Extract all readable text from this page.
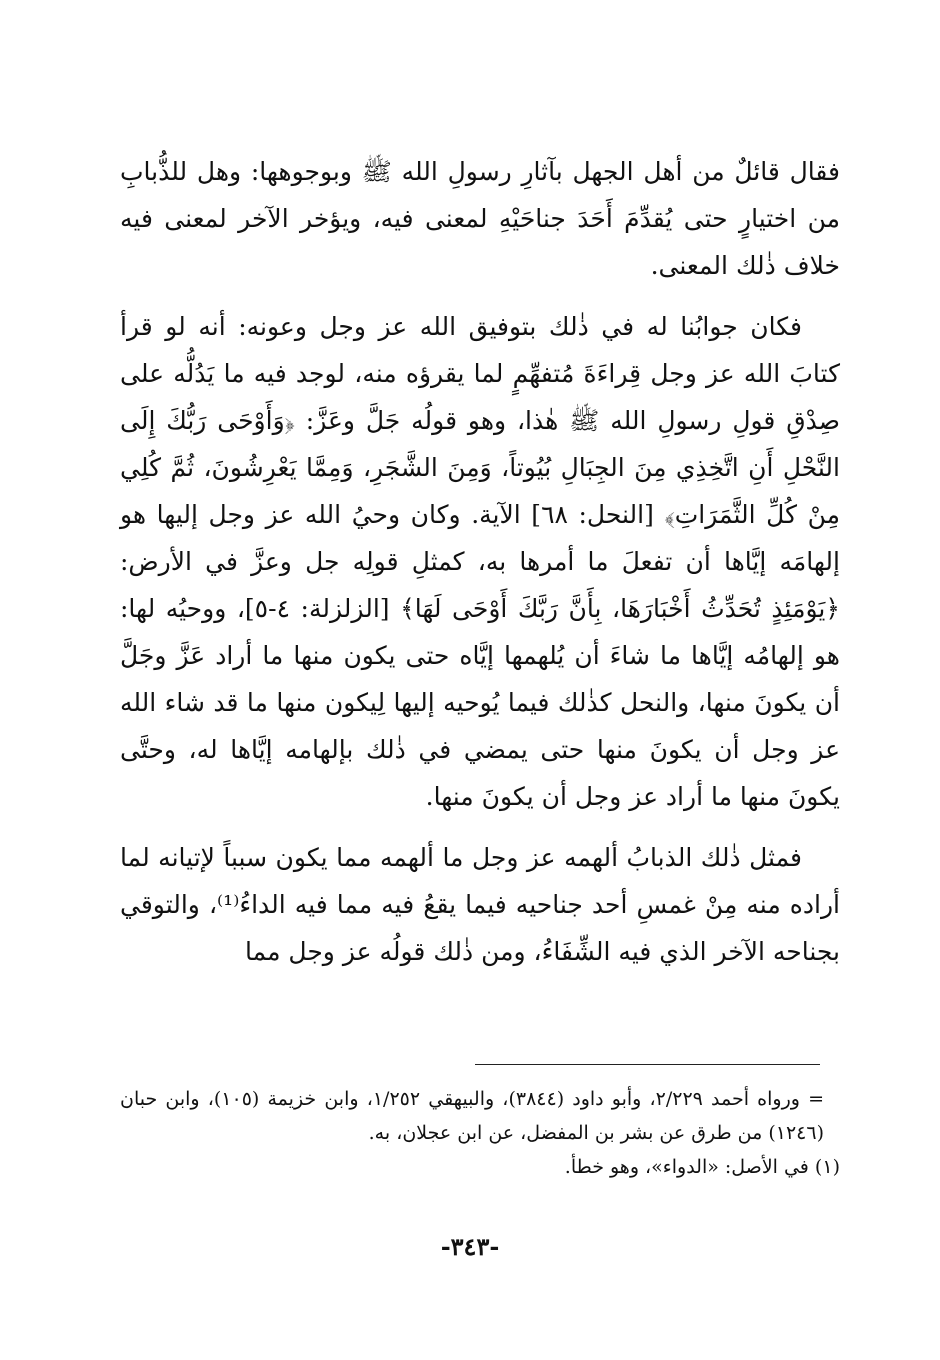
فقال قائلٌ من أهل الجهل بآثارِ رسولِ الله ﷺ وبوجوهها: وهل للذُّبابِ من اختيارٍ حتى يُقدِّمَ أَحَدَ جناحَيْهِ لمعنى فيه، ويؤخر الآخر لمعنى فيه خلاف ذٰلك المعنى.

فكان جوابُنا له في ذٰلك بتوفيق الله عز وجل وعونه: أنه لو قرأ كتابَ الله عز وجل قِراءَةَ مُتفهِّمٍ لما يقرؤه منه، لوجد فيه ما يَدُلُّه على صِدْقِ قولِ رسولِ الله ﷺ هٰذا، وهو قولُه جَلَّ وعَزَّ: ﴿وَأَوْحَى رَبُّكَ إِلَى النَّحْلِ أَنِ اتَّخِذِي مِنَ الجِبَالِ بُيُوتاً، وَمِنَ الشَّجَرِ، وَمِمَّا يَعْرِشُونَ، ثُمَّ كُلِي مِنْ كُلِّ الثَّمَرَاتِ﴾ [النحل: ٦٨] الآية. وكان وحيُ الله عز وجل إليها هو إلهامَه إيَّاها أن تفعلَ ما أمرها به، كمثلِ قولِه جل وعزَّ في الأرض: ﴿يَوْمَئِذٍ تُحَدِّثُ أَخْبَارَهَا، بِأَنَّ رَبَّكَ أَوْحَى لَهَا﴾ [الزلزلة: ٤-٥]، ووحيُه لها: هو إلهامُه إيَّاها ما شاءَ أن يُلهمها إيَّاه حتى يكون منها ما أراد عَزَّ وجَلَّ أن يكونَ منها، والنحل كذٰلك فيما يُوحيه إليها لِيكون منها ما قد شاء الله عز وجل أن يكونَ منها حتى يمضي في ذٰلك بإلهامه إيَّاها له، وحتَّى يكونَ منها ما أراد عز وجل أن يكونَ منها.

فمثل ذٰلك الذبابُ ألهمه عز وجل ما ألهمه مما يكون سبباً لإتيانه لما أراده منه مِنْ غمسِ أحد جناحيه فيما يقعُ فيه مما فيه الداءُ⁽¹⁾، والتوقي بجناحه الآخر الذي فيه الشِّفَاءُ، ومن ذٰلك قولُه عز وجل مما

= ورواه أحمد ٢/٢٢٩، وأبو داود (٣٨٤٤)، والبيهقي ١/٢٥٢، وابن خزيمة (١٠٥)، وابن حبان (١٢٤٦) من طرق عن بشر بن المفضل، عن ابن عجلان، به.

(١) في الأصل: «الدواء»، وهو خطأ.

-٣٤٣-
